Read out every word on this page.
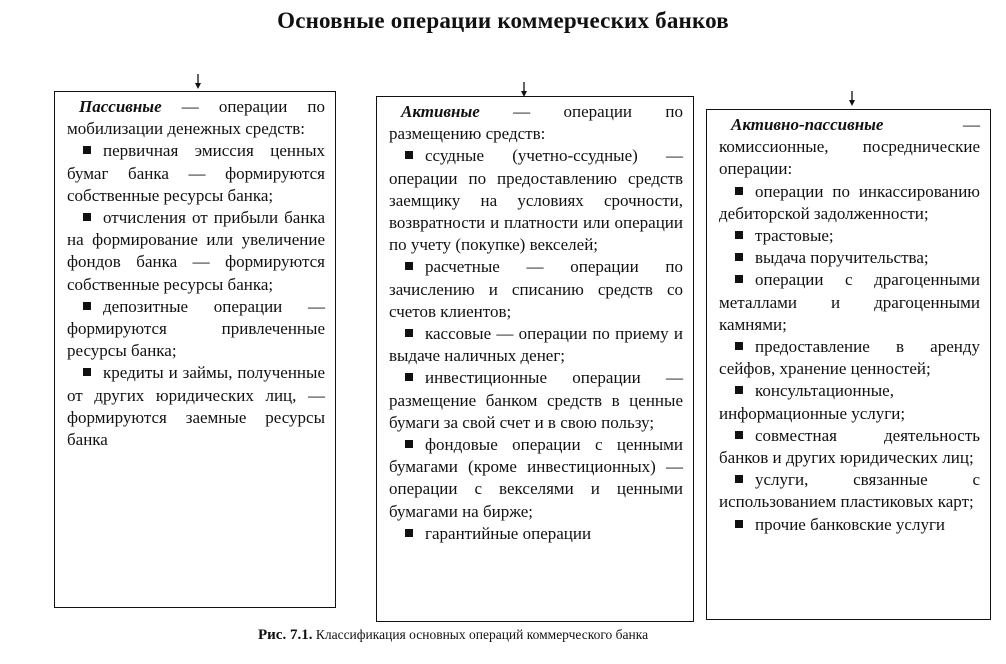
Основные операции коммерческих банков

Пассивные — операции по мобилизации денежных средств:

первичная эмиссия ценных бумаг банка — формируются собственные ресурсы банка;

отчисления от прибыли банка на формирование или увеличение фондов банка — формируются собственные ресурсы банка;

депозитные операции — формируются привлеченные ресурсы банка;

кредиты и займы, полученные от других юридических лиц, — формируются заемные ресурсы банка

Активные — операции по размещению средств:

ссудные (учетно-ссудные) — операции по предоставлению средств заемщику на условиях срочности, возвратности и платности или операции по учету (покупке) векселей;

расчетные — операции по зачислению и списанию средств со счетов клиентов;

кассовые — операции по приему и выдаче наличных денег;

инвестиционные операции — размещение банком средств в ценные бумаги за свой счет и в свою пользу;

фондовые операции с ценными бумагами (кроме инвестиционных) — операции с векселями и ценными бумагами на бирже;

гарантийные операции

Активно-пассивные — комиссионные, посреднические операции:

операции по инкассированию дебиторской задолженности;

трастовые;

выдача поручительства;

операции с драгоценными металлами и драгоценными камнями;

предоставление в аренду сейфов, хранение ценностей;

консультационные, информационные услуги;

совместная деятельность банков и других юридических лиц;

услуги, связанные с использованием пластиковых карт;

прочие банковские услуги

Рис. 7.1. Классификация основных операций коммерческого банка
